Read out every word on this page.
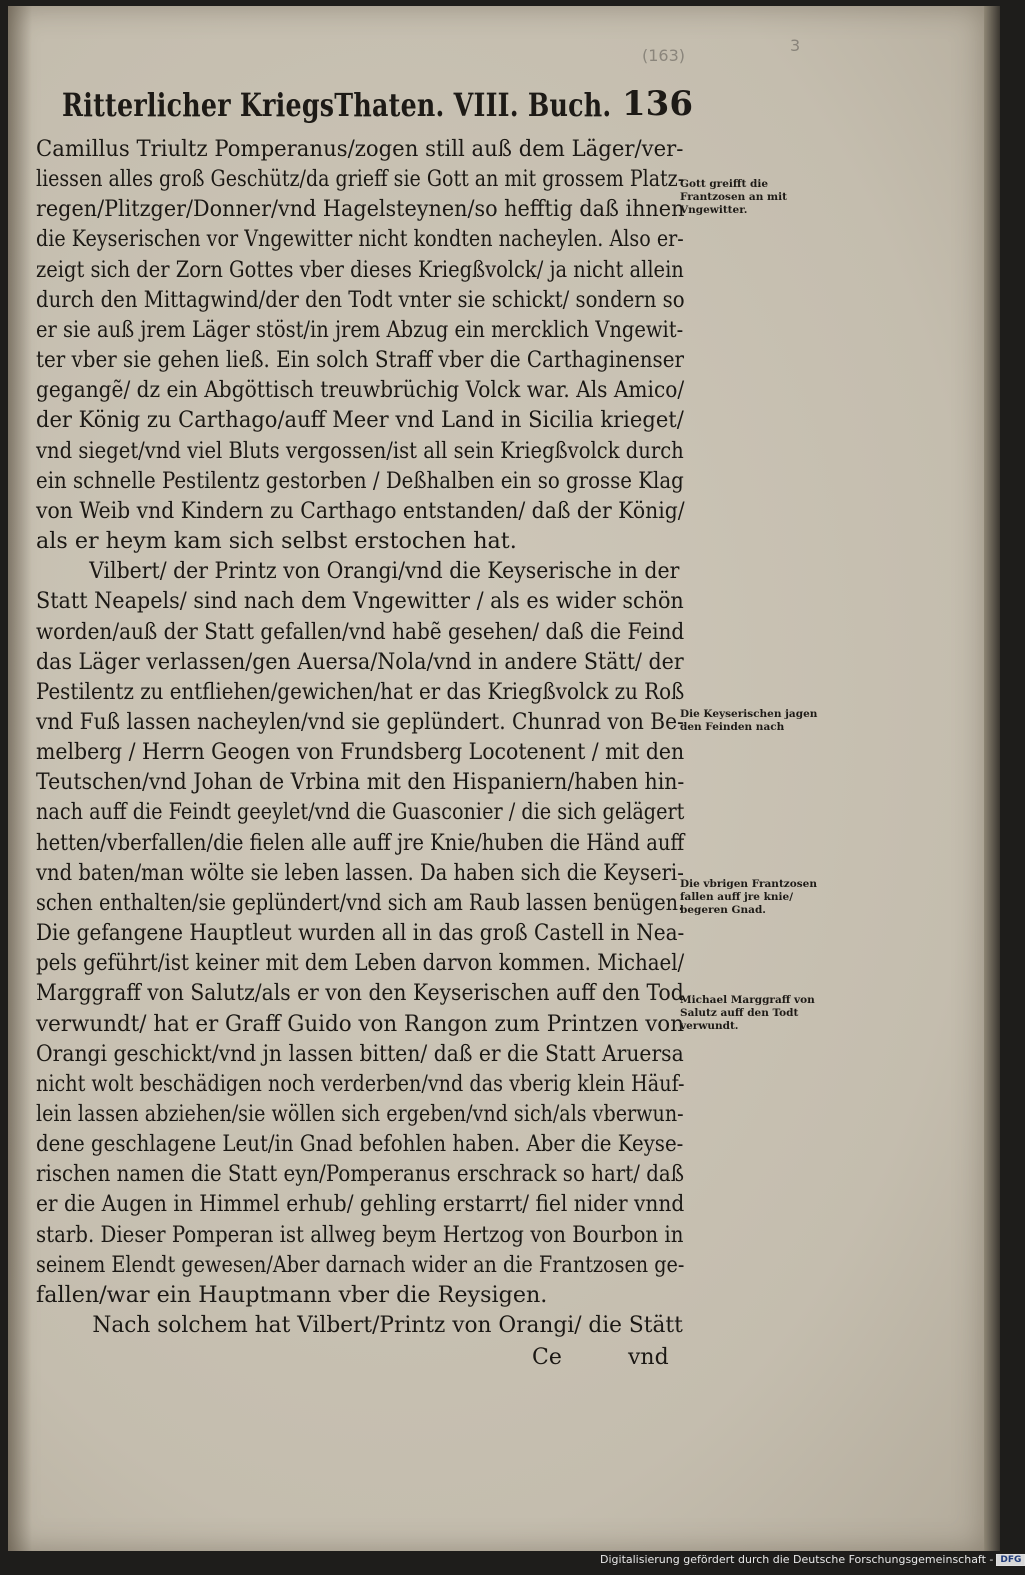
(163)
3
Ritterlicher KriegsThaten. VIII. Buch. 136
Camillus Triultz Pomperanus/zogen still auß dem Läger/ver-
liessen alles groß Geschütz/da grieff sie Gott an mit grossem Platz-
regen/Plitzger/Donner/vnd Hagelsteynen/so hefftig daß ihnen
die Keyserischen vor Vngewitter nicht kondten nacheylen. Also er-
zeigt sich der Zorn Gottes vber dieses Kriegßvolck/ ja nicht allein
durch den Mittagwind/der den Todt vnter sie schickt/ sondern so
er sie auß jrem Läger stöst/in jrem Abzug ein mercklich Vngewit-
ter vber sie gehen ließ. Ein solch Straff vber die Carthaginenser
gegangẽ/ dz ein Abgöttisch treuwbrüchig Volck war. Als Amico/
der König zu Carthago/auff Meer vnd Land in Sicilia krieget/
vnd sieget/vnd viel Bluts vergossen/ist all sein Kriegßvolck durch
ein schnelle Pestilentz gestorben / Deßhalben ein so grosse Klag
von Weib vnd Kindern zu Carthago entstanden/ daß der König/
als er heym kam sich selbst erstochen hat.
Vilbert/ der Printz von Orangi/vnd die Keyserische in der
Statt Neapels/ sind nach dem Vngewitter / als es wider schön
worden/auß der Statt gefallen/vnd habẽ gesehen/ daß die Feind
das Läger verlassen/gen Auersa/Nola/vnd in andere Stätt/ der
Pestilentz zu entfliehen/gewichen/hat er das Kriegßvolck zu Roß
vnd Fuß lassen nacheylen/vnd sie geplündert. Chunrad von Be-
melberg / Herrn Geogen von Frundsberg Locotenent / mit den
Teutschen/vnd Johan de Vrbina mit den Hispaniern/haben hin-
nach auff die Feindt geeylet/vnd die Guasconier / die sich gelägert
hetten/vberfallen/die fielen alle auff jre Knie/huben die Händ auff
vnd baten/man wölte sie leben lassen. Da haben sich die Keyseri-
schen enthalten/sie geplündert/vnd sich am Raub lassen benügen.
Die gefangene Hauptleut wurden all in das groß Castell in Nea-
pels geführt/ist keiner mit dem Leben darvon kommen. Michael/
Marggraff von Salutz/als er von den Keyserischen auff den Tod
verwundt/ hat er Graff Guido von Rangon zum Printzen von
Orangi geschickt/vnd jn lassen bitten/ daß er die Statt Aruersa
nicht wolt beschädigen noch verderben/vnd das vberig klein Häuf-
lein lassen abziehen/sie wöllen sich ergeben/vnd sich/als vberwun-
dene geschlagene Leut/in Gnad befohlen haben. Aber die Keyse-
rischen namen die Statt eyn/Pomperanus erschrack so hart/ daß
er die Augen in Himmel erhub/ gehling erstarrt/ fiel nider vnnd
starb. Dieser Pomperan ist allweg beym Hertzog von Bourbon in
seinem Elendt gewesen/Aber darnach wider an die Frantzosen ge-
fallen/war ein Hauptmann vber die Reysigen.
Nach solchem hat Vilbert/Printz von Orangi/ die Stätt
Ce	vnd
Gott greifft die Frantzosen an mit Vngewitter.
Die Keyserischen jagen den Feinden nach
Die vbrigen Frantzosen fallen auff jre knie/ begeren Gnad.
Michael Marggraff von Salutz auff den Todt verwundt.
Digitalisierung gefördert durch die Deutsche Forschungsgemeinschaft - DFG
